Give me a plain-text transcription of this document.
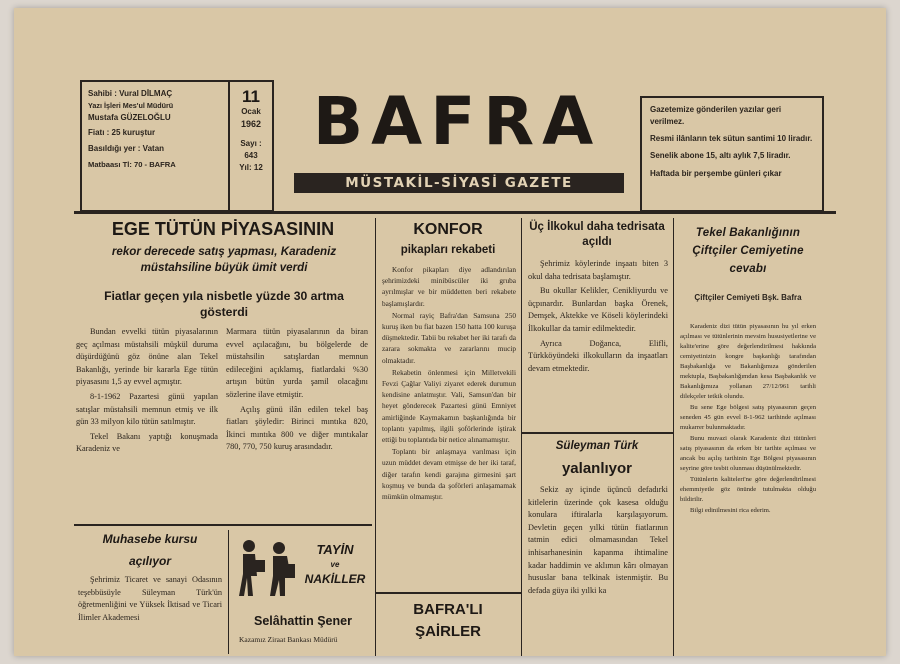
Sahibi : Vural DİLMAÇ
Yazı İşleri Mes'ul Müdürü
Mustafa GÜZELOĞLU
Fiatı : 25 kuruştur
Basıldığı yer : Vatan
Matbaası Tl: 70 - BAFRA
11
Ocak
1962
Sayı :
643
Yıl: 12
BAFRA
MÜSTAKİL-SİYASİ GAZETE
Gazetemize gönderilen yazılar geri verilmez.
Resmi ilânların tek sütun santimi 10 liradır.
Senelik abone 15, altı aylık 7,5 liradır.
Haftada bir perşembe günleri çıkar
EGE TÜTÜN PİYASASININ
rekor derecede satış yapması, Karadeniz müstahsiline büyük ümit verdi
Fiatlar geçen yıla nisbetle yüzde 30 artma gösterdi

Bundan evvelki tütün piyasalarının geç açılması müstahsili müşkül duruma düşürdüğünü göz önüne alan Tekel Bakanlığı, yerinde bir kararla Ege tütün piyasasını 1,5 ay evvel açmıştır.

8-1-1962 Pazartesi günü yapılan satışlar müstahsili memnun etmiş ve ilk gün 33 milyon kilo tütün satılmıştır.

Tekel Bakanı yaptığı konuşmada Karadeniz ve

Marmara tütün piyasalarının da biran evvel açılacağını, bu bölgelerde de müstahsilin satışlardan memnun edileceğini açıklamış, fiatlardaki %30 artışın bütün yurda şamil olacağını sözlerine ilave etmiştir.

Açılış günü ilân edilen tekel baş fiatları şöyledir: Birinci mıntıka 820, İkinci mıntıka 800 ve diğer mıntıkalar 780, 770, 750 kuruş arasındadır.

Muhasebe kursu
açılıyor

Şehrimiz Ticaret ve sanayi Odasının teşebbüsüyle Süleyman Türk'ün öğretmenliğini ve Yüksek İktisad ve Ticari İlimler Akademesi

TAYİN
ve
NAKİLLER
Selâhattin Şener
Kazamız Ziraat Bankası Müdürü
KONFOR
pikapları rekabeti

Konfor pikapları diye adlandırılan şehrimizdeki minibüscüler iki gruba ayrılmışlar ve bir müddetten beri rekabete başlamışlardır.

Normal rayiç Bafra'dan Samsuna 250 kuruş iken bu fiat bazen 150 hatta 100 kuruşa düşmektedir. Tabii bu rekabet her iki tarafı da zarara sokmakta ve zararlarını mucip olmaktadır.

Rekabetin önlenmesi için Milletvekili Fevzi Çağlar Valiyi ziyaret ederek durumun kendisine anlatmıştır. Vali, Samsun'dan bir heyet gönderecek Pazartesi günü Emniyet amirliğinde Kaymakamın başkanlığında bir toplantı yapılmış, ilgili şoförlerinde iştirak ettiği bu toplantıda bir netice alınamamıştır.

Toplantı bir anlaşmaya varılması için uzun müddet devam etmişse de her iki taraf, diğer tarafın kendi garajına girmesini şart koşmuş ve bunda da şoförleri anlaşamamak mümkün olmamıştır.

BAFRA'LI
ŞAİRLER
Üç İlkokul daha tedrisata açıldı

Şehrimiz köylerinde inşaatı biten 3 okul daha tedrisata başlamıştır.

Bu okullar Kelikler, Cenikliyurdu ve üçpınardır. Bunlardan başka Örenek, Demşek, Aktekke ve Köseli köylerindeki İlkokullar da tamir edilmektedir.

Ayrıca Doğanca, Elifli, Türkköyündeki ilkokulların da inşaatları devam etmektedir.

Süleyman Türk
yalanlıyor

Sekiz ay içinde üçüncü defadırki kitlelerin üzerinde çok kasesa olduğu konulara iftiralarla karşılaşıyorum. Devletin geçen yılki tütün fiatlarının tatmin edici olmamasından Tekel inhisarhanesinin kapanma ihtimaline kadar haddimin ve aklımın kârı olmayan hususlar bana telkinak istenmiştir. Bu defada güya iki yılki ka

Tekel Bakanlığının Çiftçiler Cemiyetine cevabı
Çiftçiler Cemiyeti Bşk. Bafra

Karadeniz dizi tütün piyasasının hu yıl erken açılması ve tütünlerinin mevsim hususiyetlerine ve kalite'erine göre değerlendirilmesi hakkında cemiyetinizin kongre başkanlığı tarafından Başbakanlığa ve Bakanlığımıza gönderilen mektupla, Başbakanlığımdan kesa Başbakanlık ve Bakanlığımıza yollanan 27/12/961 tarihli dilekçeler tetkik olundu.

Bu sene Ege bölgesi satış piyasasının geçen seneden 45 gün evvel 8-1-962 tarihinde açılması mukarrer bulunmaktadır.

Bunu muvazi olarak Karadeniz dizi tütünleri satış piyasasının da erken bir tarihte açılması ve ancak bu açılış tarihinin Ege Bölgesi piyasasının seyrine göre tesbit olunması düşünülmektedir.

Tütünlerin kaliteleri'ne göre değerlendirilmesi ehemmiyetle göz önünde tutulmakta olduğu bildirilir.

Bilgi edinilmesini rica ederim.
